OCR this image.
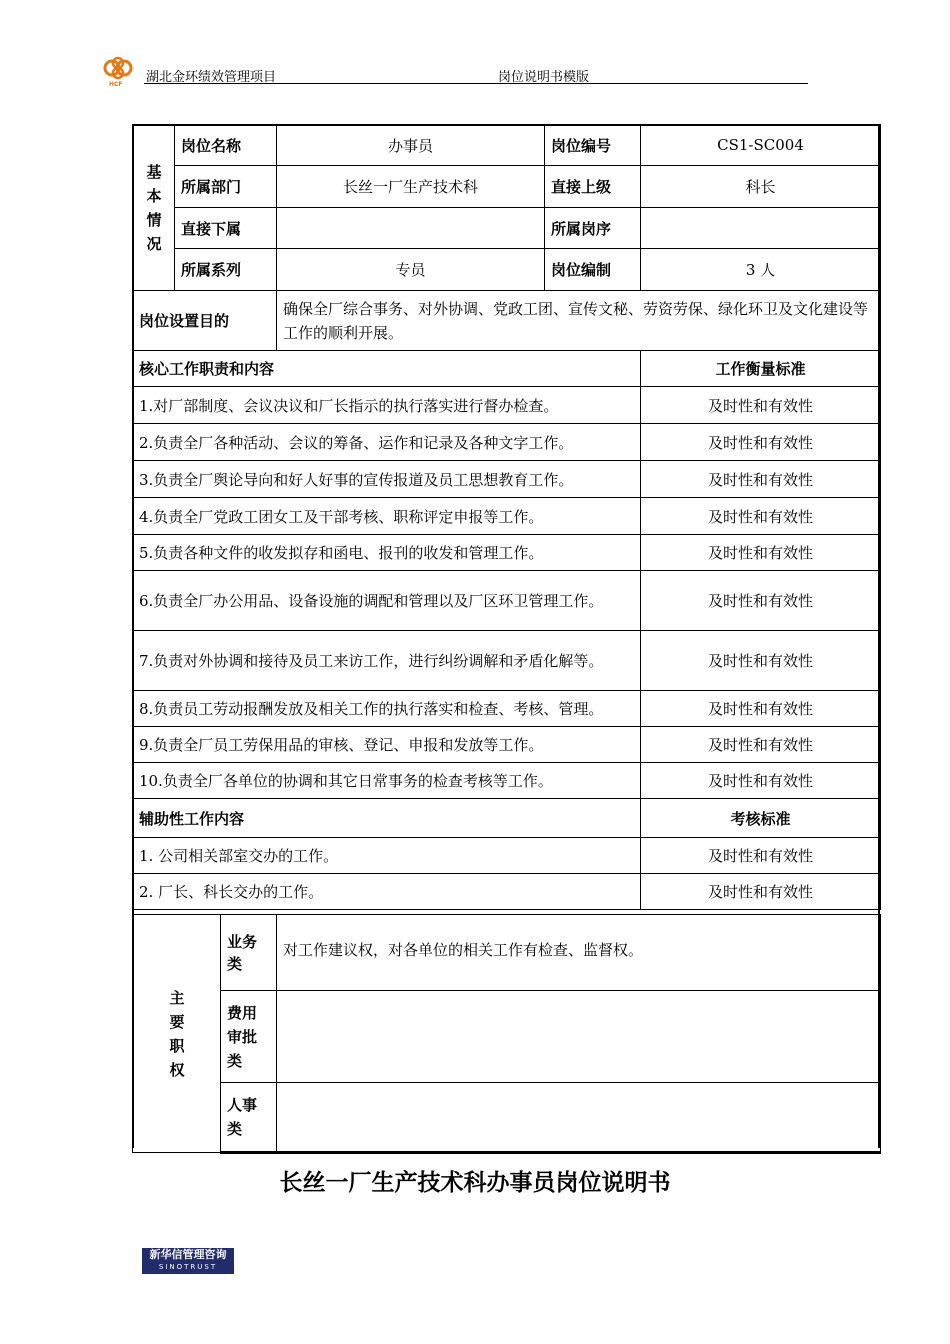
HCF 湖北金环绩效管理项目	岗位说明书模版
基本情况	岗位名称	办事员	岗位编号	CS1-SC004
	所属部门	长丝一厂生产技术科	直接上级	科长
	直接下属		所属岗序	
	所属系列	专员	岗位编制	3 人
岗位设置目的		确保全厂综合事务、对外协调、党政工团、宣传文秘、劳资劳保、绿化环卫及文化建设等工作的顺利开展。		
核心工作职责和内容				工作衡量标准
1.对厂部制度、会议决议和厂长指示的执行落实进行督办检查。				及时性和有效性
2.负责全厂各种活动、会议的筹备、运作和记录及各种文字工作。				及时性和有效性
3.负责全厂舆论导向和好人好事的宣传报道及员工思想教育工作。				及时性和有效性
4.负责全厂党政工团女工及干部考核、职称评定申报等工作。				及时性和有效性
5.负责各种文件的收发拟存和函电、报刊的收发和管理工作。				及时性和有效性
6.负责全厂办公用品、设备设施的调配和管理以及厂区环卫管理工作。				及时性和有效性
7.负责对外协调和接待及员工来访工作，进行纠纷调解和矛盾化解等。				及时性和有效性
8.负责员工劳动报酬发放及相关工作的执行落实和检查、考核、管理。				及时性和有效性
9.负责全厂员工劳保用品的审核、登记、申报和发放等工作。				及时性和有效性
10.负责全厂各单位的协调和其它日常事务的检查考核等工作。				及时性和有效性
辅助性工作内容				考核标准
1. 公司相关部室交办的工作。				及时性和有效性
2. 厂长、科长交办的工作。				及时性和有效性
主要职权	业务类	对工作建议权，对各单位的相关工作有检查、监督权。
	费用审批类	
	人事类	
长丝一厂生产技术科办事员岗位说明书
新华信管理咨询
SINOTRUST
